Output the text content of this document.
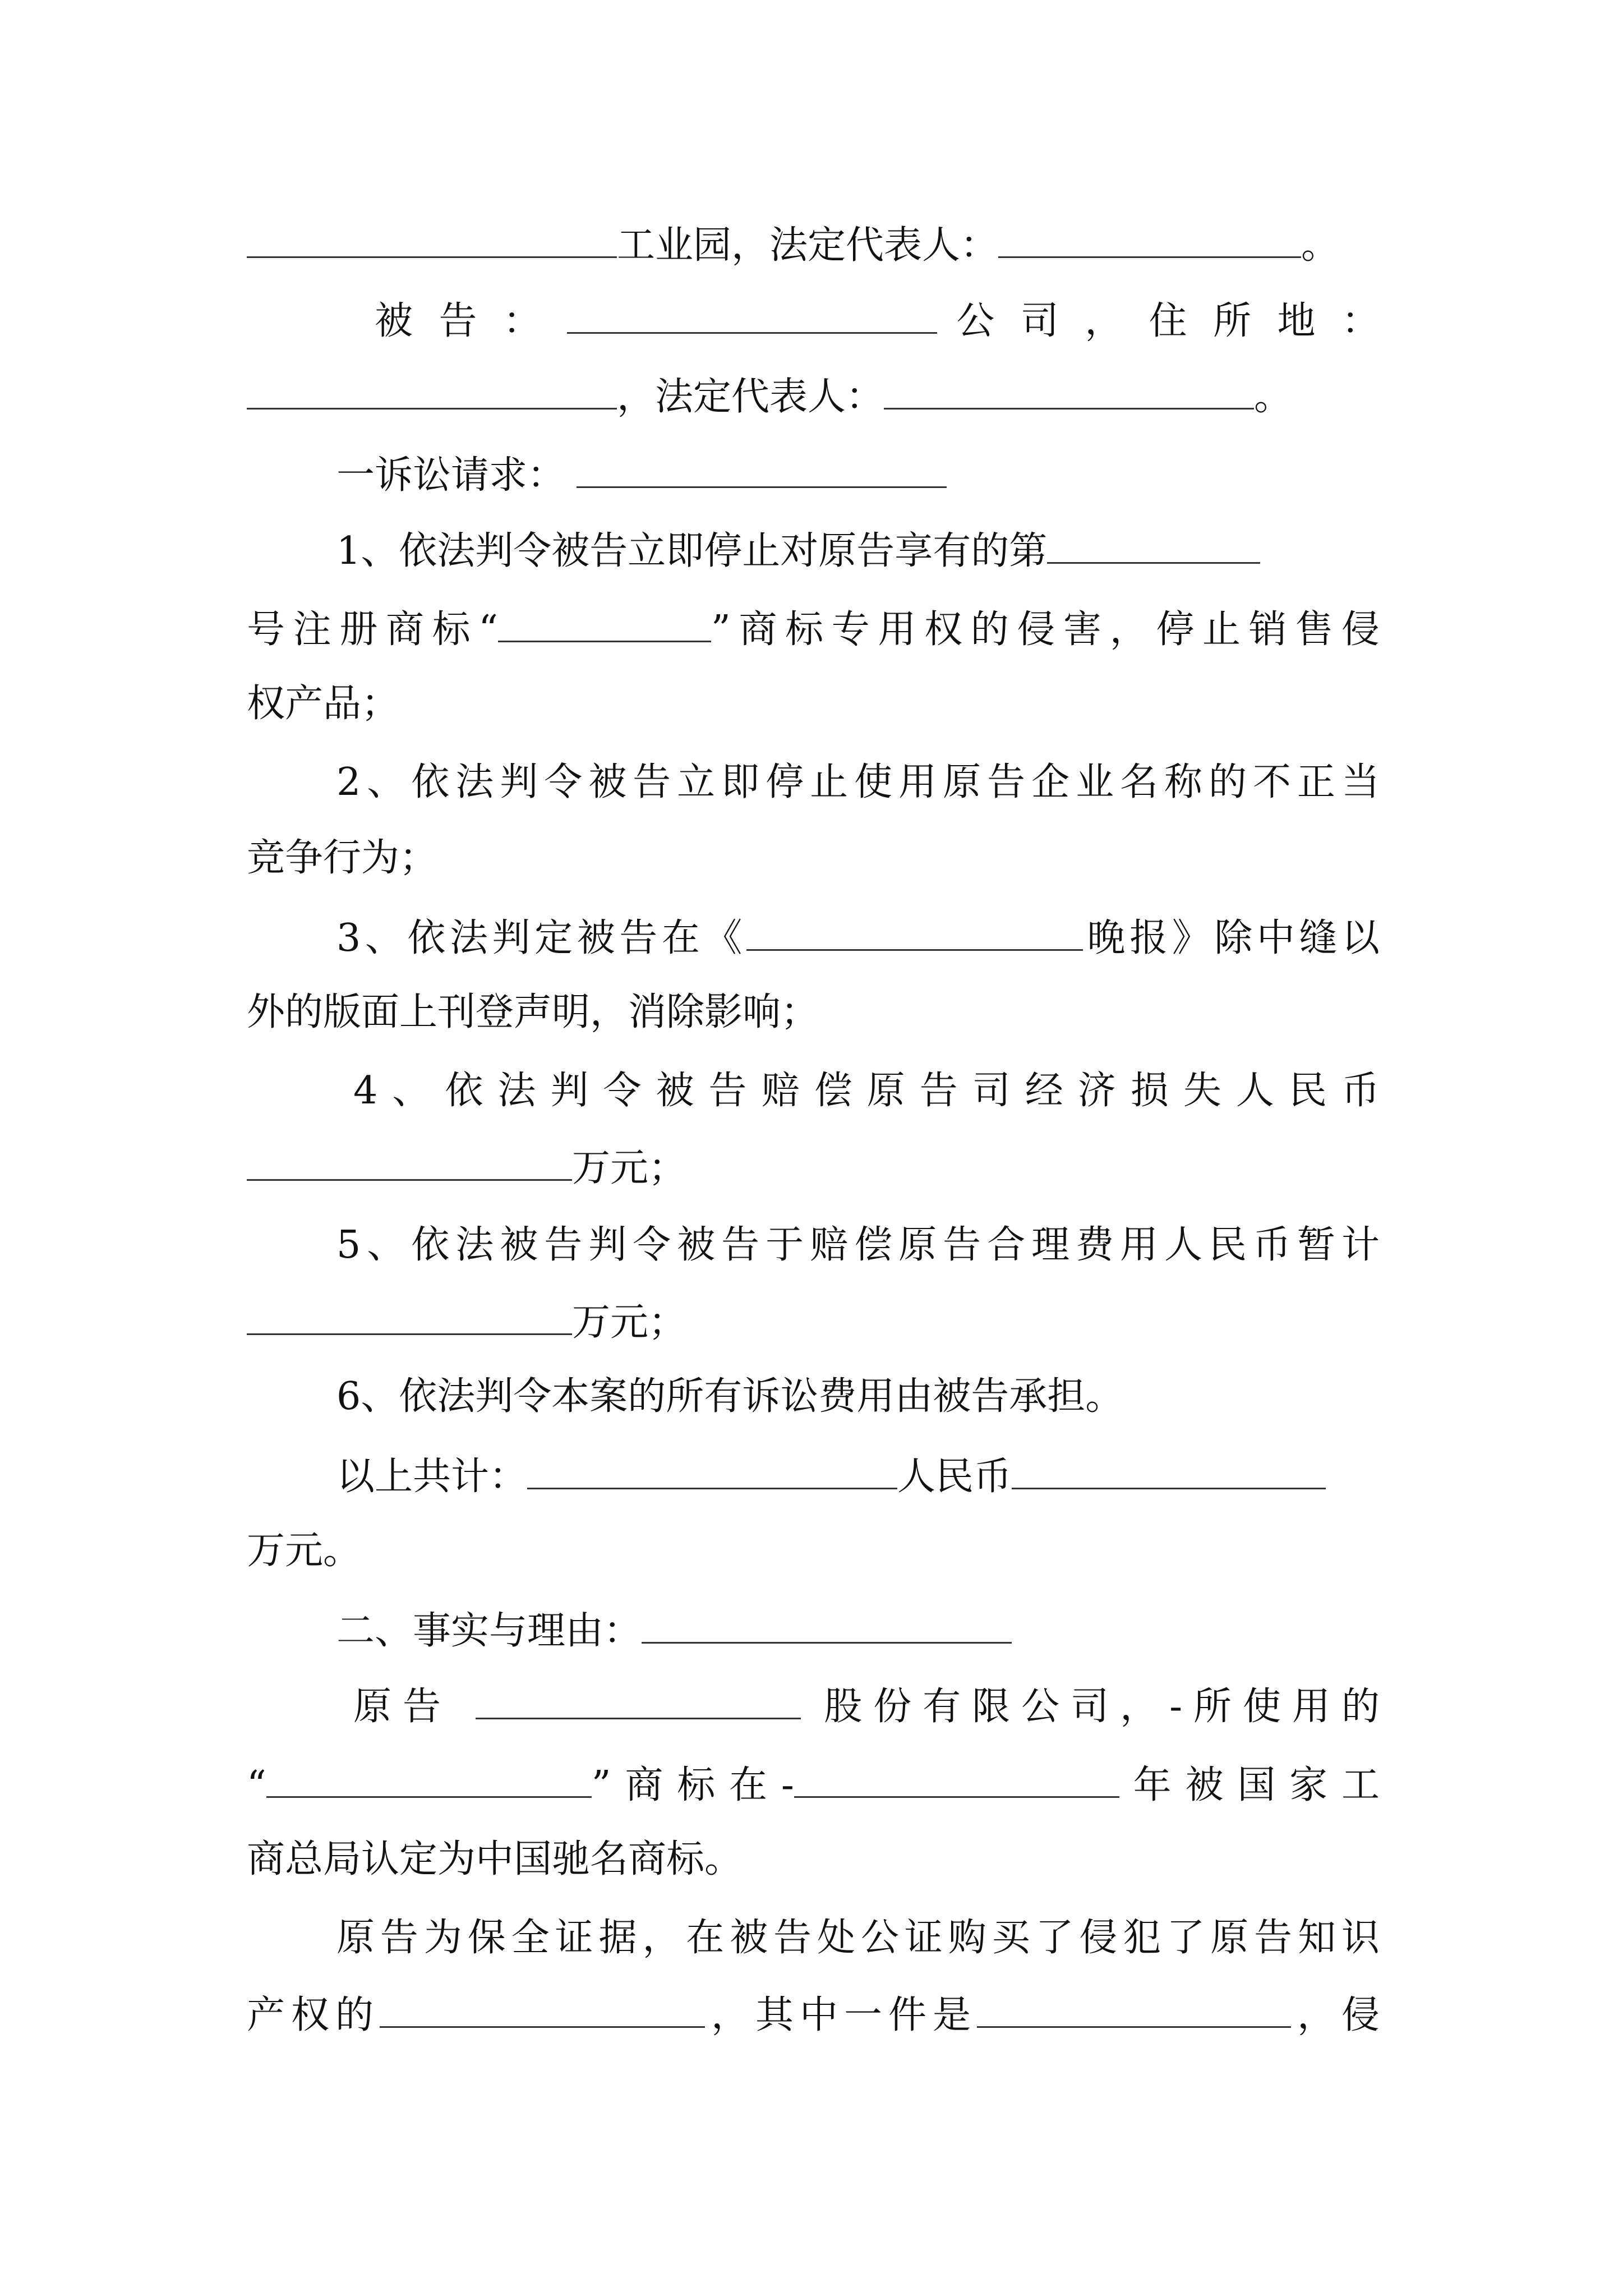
工业园，法定代表人：	。
被 告 ：	公 司 ， 住 所 地 ：
，法定代表人：	。
一诉讼请求：
1、依法判令被告立即停止对原告享有的第
号注册商标“	”商标专用权的侵害，停止销售侵
权产品；
2、依法判令被告立即停止使用原告企业名称的不正当
竞争行为；
3、依法判定被告在《	晚报》除中缝以
外的版面上刊登声明，消除影响；
4、依法判令被告赔偿原告司经济损失人民币
万元；
5、依法被告判令被告于赔偿原告合理费用人民币暂计
万元；
6、依法判令本案的所有诉讼费用由被告承担。
以上共计：	人民币
万元。
二、事实与理由：
原告	股份有限公司，-所使用的
“	”商标在-	年被国家工
商总局认定为中国驰名商标。
原告为保全证据，在被告处公证购买了侵犯了原告知识
产权的	，其中一件是	，侵
